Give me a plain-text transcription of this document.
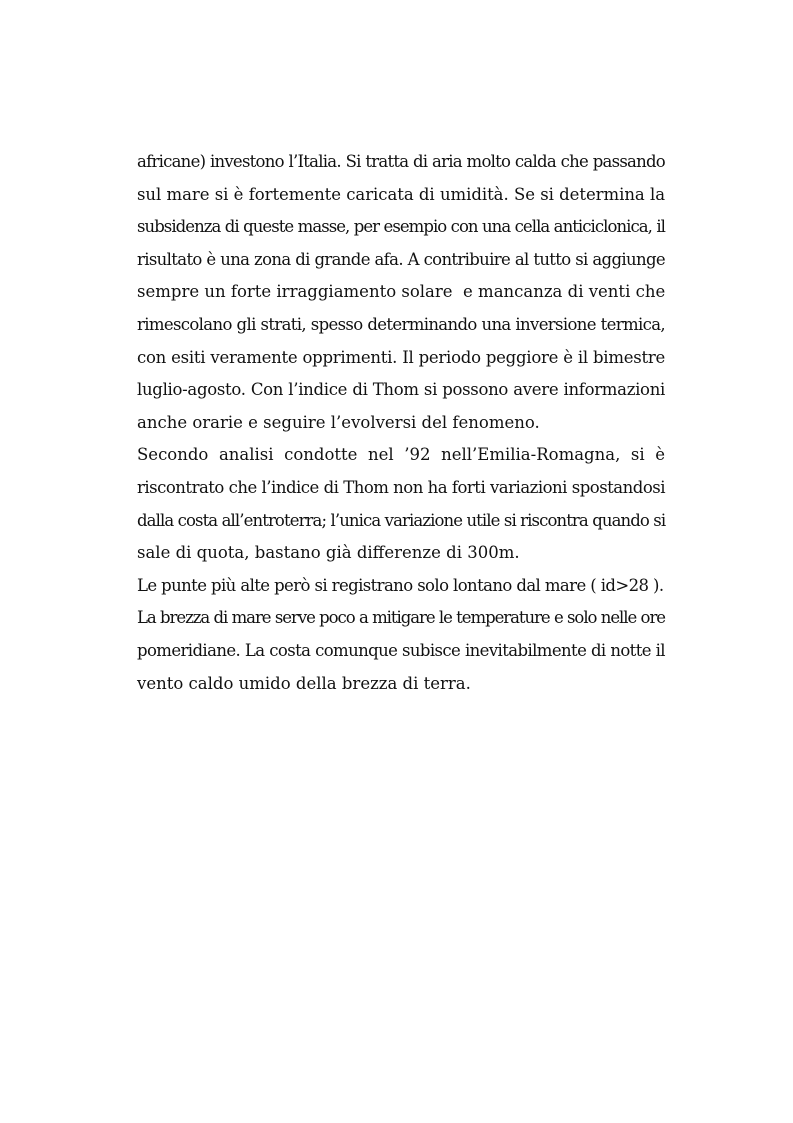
africane) investono l’Italia. Si tratta di aria molto calda che passando
sul mare si è fortemente caricata di umidità. Se si determina la
subsidenza di queste masse, per esempio con una cella anticiclonica, il
risultato è una zona di grande afa. A contribuire al tutto si aggiunge
sempre un forte irraggiamento solare  e mancanza di venti che
rimescolano gli strati, spesso determinando una inversione termica,
con esiti veramente opprimenti. Il periodo peggiore è il bimestre
luglio-agosto. Con l’indice di Thom si possono avere informazioni
anche orarie e seguire l’evolversi del fenomeno.
Secondo analisi condotte nel ’92 nell’Emilia-Romagna, si è
riscontrato che l’indice di Thom non ha forti variazioni spostandosi
dalla costa all’entroterra; l’unica variazione utile si riscontra quando si
sale di quota, bastano già differenze di 300m.
Le punte più alte però si registrano solo lontano dal mare ( id>28 ).
La brezza di mare serve poco a mitigare le temperature e solo nelle ore
pomeridiane. La costa comunque subisce inevitabilmente di notte il
vento caldo umido della brezza di terra.
